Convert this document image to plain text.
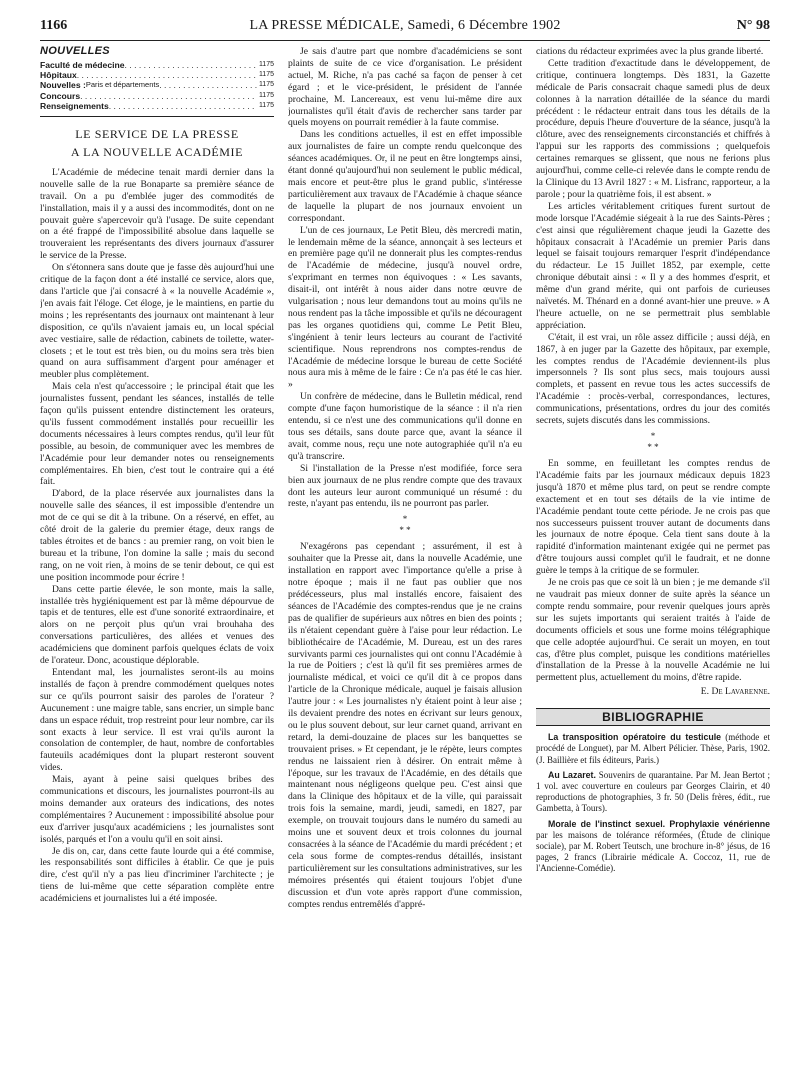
LA PRESSE MÉDICALE, Samedi, 6 Décembre 1902
1166	N° 98
NOUVELLES
Faculté de médecine . . .	1175
Hôpitaux . . .	1175
Nouvelles : Paris et départements . . .	1175
Concours . . .	1175
Renseignements . . .	1175
LE SERVICE DE LA PRESSE
A LA NOUVELLE ACADÉMIE

L'Académie de médecine tenait mardi dernier dans la nouvelle salle de la rue Bonaparte sa première séance de travail. On a pu d'emblée juger des commodités de l'installation, mais il y a aussi des incommodités, dont on ne pouvait guère s'apercevoir qu'à l'usage. De suite cependant on a été frappé de l'impossibilité absolue dans laquelle se trouveraient les représentants des divers journaux d'assurer le service de la Presse.

On s'étonnera sans doute que je fasse dès aujourd'hui une critique de la façon dont a été installé ce service, alors que, dans l'article que j'ai consacré à « la nouvelle Académie », j'en avais fait l'éloge. Cet éloge, je le maintiens, en partie du moins ; les représentants des journaux ont maintenant à leur disposition, ce qu'ils n'avaient jamais eu, un local spécial avec vestiaire, salle de rédaction, cabinets de toilette, water-closets ; et le tout est très bien, ou du moins sera très bien quand on aura suffisamment d'argent pour aménager et meubler plus complètement.

Mais cela n'est qu'accessoire ; le principal était que les journalistes fussent, pendant les séances, installés de telle façon qu'ils puissent entendre distinctement les orateurs, qu'ils fussent commodément installés pour recueillir les documents nécessaires à leurs comptes rendus, qu'il leur fût possible, au besoin, de communiquer avec les membres de l'Académie pour leur demander notes ou renseignements complémentaires. Eh bien, c'est tout le contraire qui a été fait.

D'abord, de la place réservée aux journalistes dans la nouvelle salle des séances, il est impossible d'entendre un mot de ce qui se dit à la tribune. On a réservé, en effet, au côté droit de la galerie du premier étage, deux rangs de tables étroites et de bancs : au premier rang, on voit bien le bureau et la tribune, l'on domine la salle ; mais du second rang, on ne voit rien, à moins de se tenir debout, ce qui est une position incommode pour écrire !

Dans cette partie élevée, le son monte, mais la salle, installée très hygiéniquement est par là même dépourvue de tapis et de tentures, elle est d'une sonorité extraordinaire, et alors on ne perçoit plus qu'un vrai brouhaha des conversations particulières, des allées et venues des académiciens que dominent parfois quelques éclats de voix de l'orateur. Donc, acoustique déplorable.

Entendant mal, les journalistes seront-ils au moins installés de façon à prendre commodément quelques notes sur ce qu'ils pourront saisir des paroles de l'orateur ? Aucunement : une maigre table, sans encrier, un simple banc dans un espace réduit, trop restreint pour leur nombre, car ils sont exacts à leur service. Il est vrai qu'ils auront la consolation de contempler, de haut, nombre de confortables fauteuils académiques dont la plupart resteront souvent vides.

Mais, ayant à peine saisi quelques bribes des communications et discours, les journalistes pourront-ils au moins demander aux orateurs des indications, des notes complémentaires ? Aucunement : impossibilité absolue pour eux d'arriver jusqu'aux académiciens ; les journalistes sont isolés, parqués et l'on a voulu qu'il en soit ainsi.

Je dis on, car, dans cette faute lourde qui a été commise, les responsabilités sont difficiles à établir. Ce que je puis dire, c'est qu'il n'y a pas lieu d'incriminer l'architecte ; je tiens de lui-même que cette séparation complète entre académiciens et journalistes lui a été imposée.

Je sais d'autre part que nombre d'académiciens se sont plaints de suite de ce vice d'organisation. Le président actuel, M. Riche, n'a pas caché sa façon de penser à cet égard ; et le vice-président, le président de l'année prochaine, M. Lancereaux, est venu lui-même dire aux journalistes qu'il était d'avis de rechercher sans tarder par quels moyens on pourrait remédier à la faute commise.

Dans les conditions actuelles, il est en effet impossible aux journalistes de faire un compte rendu quelconque des séances académiques. Or, il ne peut en être longtemps ainsi, étant donné qu'aujourd'hui non seulement le public médical, mais encore et peut-être plus le grand public, s'intéresse particulièrement aux travaux de l'Académie à chaque séance de laquelle la plupart de nos journaux envoient un correspondant.

L'un de ces journaux, Le Petit Bleu, dès mercredi matin, le lendemain même de la séance, annonçait à ses lecteurs et en première page qu'il ne donnerait plus les comptes-rendus de l'Académie de médecine, jusqu'à nouvel ordre, s'exprimant en termes non équivoques : « Les savants, disait-il, ont intérêt à nous aider dans notre œuvre de vulgarisation ; nous leur demandons tout au moins qu'ils ne nous rendent pas la tâche impossible et qu'ils ne découragent pas les organes quotidiens qui, comme Le Petit Bleu, s'ingénient à tenir leurs lecteurs au courant de l'activité scientifique. Nous reprendrons nos comptes-rendus de l'Académie de médecine lorsque le bureau de cette Société nous aura mis à même de le faire : Ce n'a pas été le cas hier. »

Un confrère de médecine, dans le Bulletin médical, rend compte d'une façon humoristique de la séance : il n'a rien entendu, si ce n'est une des communications qu'il donne en tous ses détails, sans doute parce que, avant la séance il avait, comme nous, reçu une note autographiée qu'il n'a eu qu'à transcrire.

Si l'installation de la Presse n'est modifiée, force sera bien aux journaux de ne plus rendre compte que des travaux dont les auteurs leur auront communiqué un résumé : du reste, n'ayant pas entendu, ils ne pourront pas parler.

*
* *

N'exagérons pas cependant ; assurément, il est à souhaiter que la Presse ait, dans la nouvelle Académie, une installation en rapport avec l'importance qu'elle a prise à notre époque ; mais il ne faut pas oublier que nos prédécesseurs, plus mal installés encore, faisaient des séances de l'Académie des comptes-rendus que je ne crains pas de qualifier de supérieurs aux nôtres en bien des points ; ils n'étaient cependant guère à l'aise pour leur rédaction. Le bibliothécaire de l'Académie, M. Dureau, est un des rares survivants parmi ces journalistes qui ont connu l'Académie à la rue de Poitiers ; c'est là qu'il fit ses premières armes de journaliste médical, et voici ce qu'il dit à ce propos dans l'article de la Chronique médicale, auquel je faisais allusion l'autre jour : « Les journalistes n'y étaient point à leur aise ; ils devaient prendre des notes en écrivant sur leurs genoux, ou le plus souvent debout, sur leur carnet quand, arrivant en retard, la demi-douzaine de places sur les banquettes se trouvaient prises. » Et cependant, je le répète, leurs comptes rendus ne laissaient rien à désirer. On entrait même à l'époque, sur les travaux de l'Académie, en des détails que maintenant nous négligeons quelque peu. C'est ainsi que dans la Clinique des hôpitaux et de la ville, qui paraissait trois fois la semaine, mardi, jeudi, samedi, en 1827, par exemple, on trouvait toujours dans le numéro du samedi au moins une et souvent deux et trois colonnes du journal consacrées à la séance de l'Académie du mardi précédent ; et cela sous forme de comptes-rendus détaillés, insistant particulièrement sur les consultations administratives, sur les mémoires présentés qui étaient toujours l'objet d'une discussion et d'un vote après rapport d'une commission, comptes rendus entremêlés d'appré-

ciations du rédacteur exprimées avec la plus grande liberté.

Cette tradition d'exactitude dans le développement, de critique, continuera longtemps. Dès 1831, la Gazette médicale de Paris consacrait chaque samedi plus de deux colonnes à la narration détaillée de la séance du mardi précédent : le rédacteur entrait dans tous les détails de la procédure, depuis l'heure d'ouverture de la séance, jusqu'à la clôture, avec des renseignements circonstanciés et chiffrés à l'appui sur les rapports des commissions ; quelquefois certaines remarques se glissent, que nous ne ferions plus aujourd'hui, comme celle-ci relevée dans le compte rendu de la Clinique du 13 Avril 1827 : « M. Lisfranc, rapporteur, a la parole ; pour la quatrième fois, il est absent. »

Les articles véritablement critiques furent surtout de mode lorsque l'Académie siégeait à la rue des Saints-Pères ; c'est ainsi que régulièrement chaque jeudi la Gazette des hôpitaux consacrait à l'Académie un premier Paris dans lequel se faisait toujours remarquer l'esprit d'indépendance du rédacteur. Le 15 Juillet 1852, par exemple, cette chronique débutait ainsi : « Il y a des hommes d'esprit, et même d'un grand mérite, qui ont parfois de curieuses naïvetés. M. Thénard en a donné avant-hier une preuve. » A l'heure actuelle, on ne se permettrait plus semblable appréciation.

C'était, il est vrai, un rôle assez difficile ; aussi déjà, en 1867, à en juger par la Gazette des hôpitaux, par exemple, les comptes rendus de l'Académie deviennent-ils plus impersonnels ? Ils sont plus secs, mais toujours aussi complets, et passent en revue tous les actes successifs de l'Académie : procès-verbal, correspondances, lectures, communications, présentations, ordres du jour des comités secrets, sujets discutés dans les commissions.

*
* *

En somme, en feuilletant les comptes rendus de l'Académie faits par les journaux médicaux depuis 1823 jusqu'à 1870 et même plus tard, on peut se rendre compte exactement et en tout ses détails de la vie intime de l'Académie pendant toute cette période. Je ne crois pas que nos successeurs puissent trouver autant de documents dans les journaux de notre époque. Cela tient sans doute à la rapidité d'information maintenant exigée qui ne permet pas d'être toujours aussi complet qu'il le faudrait, et ne donne guère le temps à la critique de se formuler.

Je ne crois pas que ce soit là un bien ; je me demande s'il ne vaudrait pas mieux donner de suite après la séance un compte rendu sommaire, pour revenir quelques jours après sur les sujets importants qui seraient traités à l'aide de documents officiels et sous une forme moins télégraphique que celle adoptée aujourd'hui. Ce serait un moyen, en tout cas, d'être plus complet, puisque les conditions matérielles d'installation de la Presse à la nouvelle Académie ne lui permettent plus, actuellement du moins, d'être rapide.

E. De Lavarenne.

BIBLIOGRAPHIE

La transposition opératoire du testicule (méthode et procédé de Longuet), par M. Albert Pélicier. Thèse, Paris, 1902. (J. Baillière et fils éditeurs, Paris.)

Au Lazaret. Souvenirs de quarantaine. Par M. Jean Bertot ; 1 vol. avec couverture en couleurs par Georges Clairin, et 40 reproductions de photographies, 3 fr. 50 (Delis frères, édit., rue Gambetta, à Tours).

Morale de l'instinct sexuel. Prophylaxie vénérienne par les maisons de tolérance réformées, (Étude de clinique sociale), par M. Robert Teutsch, une brochure in-8° jésus, de 16 pages, 2 francs (Librairie médicale A. Coccoz, 11, rue de l'Ancienne-Comédie).
